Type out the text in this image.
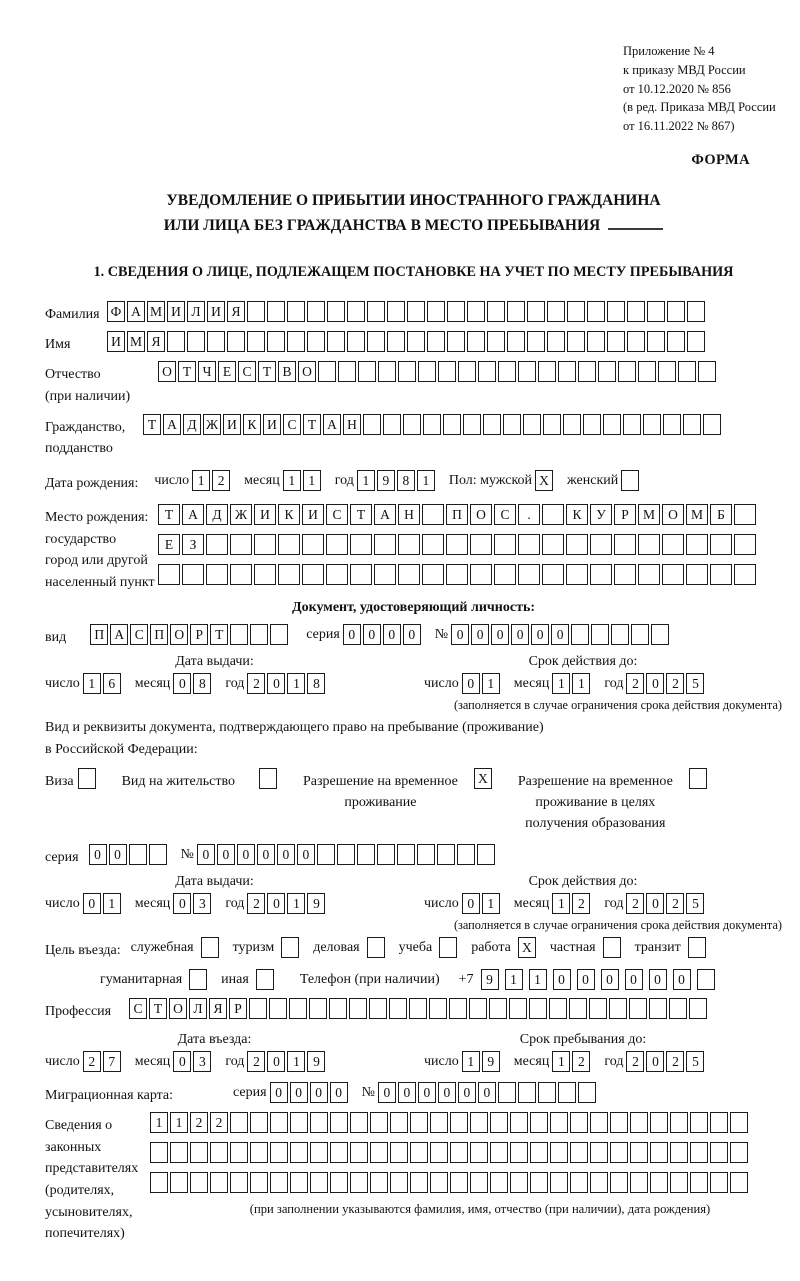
Приложение № 4
к приказу МВД России
от 10.12.2020 № 856
(в ред. Приказа МВД России
от 16.11.2022 № 867)
ФОРМА
УВЕДОМЛЕНИЕ О ПРИБЫТИИ ИНОСТРАННОГО ГРАЖДАНИНА
ИЛИ ЛИЦА БЕЗ ГРАЖДАНСТВА В МЕСТО ПРЕБЫВАНИЯ
1. СВЕДЕНИЯ О ЛИЦЕ, ПОДЛЕЖАЩЕМ ПОСТАНОВКЕ НА УЧЕТ ПО МЕСТУ ПРЕБЫВАНИЯ
Фамилия Ф А М И Л И Я
Имя	И М Я
Отчество
(при наличии)
О Т Ч Е С Т В О
Гражданство,
подданство
Т А Д Ж И К И С Т А Н
Дата рождения: число 1 2	месяц 1 1	год 1 9 8 1	Пол: мужской X	женский

Место рождения:
государство
город или другой
населенный пункт
Т А Д Ж И К И С Т А Н	П О С .	К У Р М О М Б
Е З

Документ, удостоверяющий личность:
вид	П А С П О Р Т	серия 0 0 0 0	№ 0 0 0 0 0 0
Дата выдачи:
число 1 6	месяц 0 8	год 2 0 1 8
Срок действия до:
число 0 1	месяц 1 1	год 2 0 2 5
(заполняется в случае ограничения срока действия документа)
Вид и реквизиты документа, подтверждающего право на пребывание (проживание)
в Российской Федерации:
Виза
	Вид на жительство
	Разрешение на временное
проживание
X	Разрешение на временное
проживание в целях
получения образования

серия	0 0	№ 0 0 0 0 0 0
Дата выдачи:
число 0 1	месяц 0 3	год 2 0 1 9
Срок действия до:
число 0 1	месяц 1 2	год 2 0 2 5
(заполняется в случае ограничения срока действия документа)
Цель въезда: служебная
	туризм
	деловая
	учеба
	работа X	частная
	транзит

гуманитарная
	иная
	Телефон (при наличии) +7 9 1 1 0 0 0 0 0 0
Профессия	С Т О Л Я Р
Дата въезда:
число 2 7	месяц 0 3	год 2 0 1 9
Срок пребывания до:
число 1 9	месяц 1 2	год 2 0 2 5
Миграционная карта:	серия 0 0 0 0	№ 0 0 0 0 0 0
Сведения о
законных
представителях
(родителях,
усыновителях,
попечителях)
1 1 2 2

(при заполнении указываются фамилия, имя, отчество (при наличии), дата рождения)
